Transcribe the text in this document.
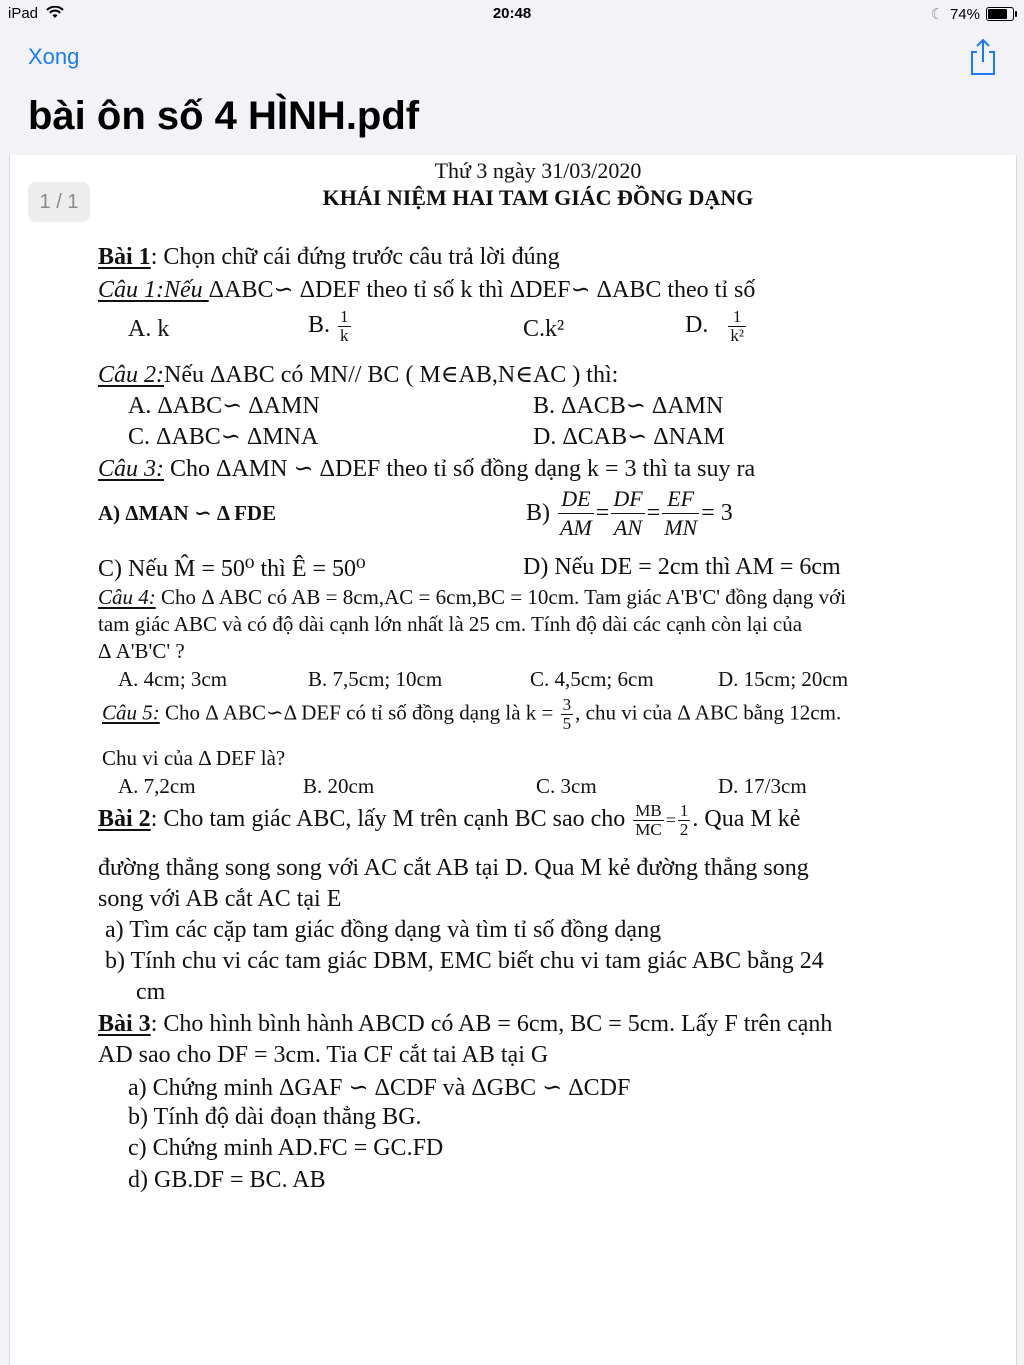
iPad	20:48	☾ 74%
Xong
bài ôn số 4 HÌNH.pdf
1 / 1
Thứ 3 ngày 31/03/2020
KHÁI NIỆM HAI TAM GIÁC ĐỒNG DẠNG
Bài 1: Chọn chữ cái đứng trước câu trả lời đúng
Câu 1:Nếu ΔABC∽ ΔDEF theo tỉ số k thì ΔDEF∽ ΔABC theo tỉ số
A. k	B. $\frac{1}{k}$	C.k²	D. $\frac{1}{\text{k²}}$
Câu 2:Nếu ΔABC có MN// BC ( M∈AB,N∈AC ) thì:
A. ΔABC∽ ΔAMN	B. ΔACB∽ ΔAMN
C. ΔABC∽ ΔMNA	D. ΔCAB∽ ΔNAM
Câu 3: Cho ΔAMN ∽ ΔDEF theo tỉ số đồng dạng k = 3 thì ta suy ra
A) ΔMAN ∽ Δ FDE	$B) \frac{DE}{AM} = \frac{DF}{AN} = \frac{EF}{MN} = 3$
C) Nếu M̂ = 50⁰ thì Ê = 50⁰	D) Nếu DE = 2cm thì AM = 6cm
Câu 4: Cho Δ ABC có AB = 8cm,AC = 6cm,BC = 10cm. Tam giác A'B'C' đồng dạng với
tam giác ABC và có độ dài cạnh lớn nhất là 25 cm. Tính độ dài các cạnh còn lại của
Δ A'B'C' ?
A. 4cm; 3cm	B. 7,5cm; 10cm	C. 4,5cm; 6cm	D. 15cm; 20cm
Câu 5: Cho Δ ABC∽Δ DEF có tỉ số đồng dạng là $k = \frac{3}{5}$ , chu vi của Δ ABC bằng 12cm.
Chu vi của Δ DEF là?
A. 7,2cm	B. 20cm	C. 3cm	D. 17/3cm
Bài 2: Cho tam giác ABC, lấy M trên cạnh BC sao cho $\frac{MB}{MC} = \frac{1}{2}$ . Qua M kẻ
đường thẳng song song với AC cắt AB tại D. Qua M kẻ đường thẳng song
song với AB cắt AC tại E
a) Tìm các cặp tam giác đồng dạng và tìm tỉ số đồng dạng
b) Tính chu vi các tam giác DBM, EMC biết chu vi tam giác ABC bằng 24
cm
Bài 3: Cho hình bình hành ABCD có AB = 6cm, BC = 5cm. Lấy F trên cạnh
AD sao cho DF = 3cm. Tia CF cắt tai AB tại G
a) Chứng minh ΔGAF ∽ ΔCDF và ΔGBC ∽ ΔCDF
b) Tính độ dài đoạn thẳng BG.
c) Chứng minh AD.FC = GC.FD
d) GB.DF = BC. AB
